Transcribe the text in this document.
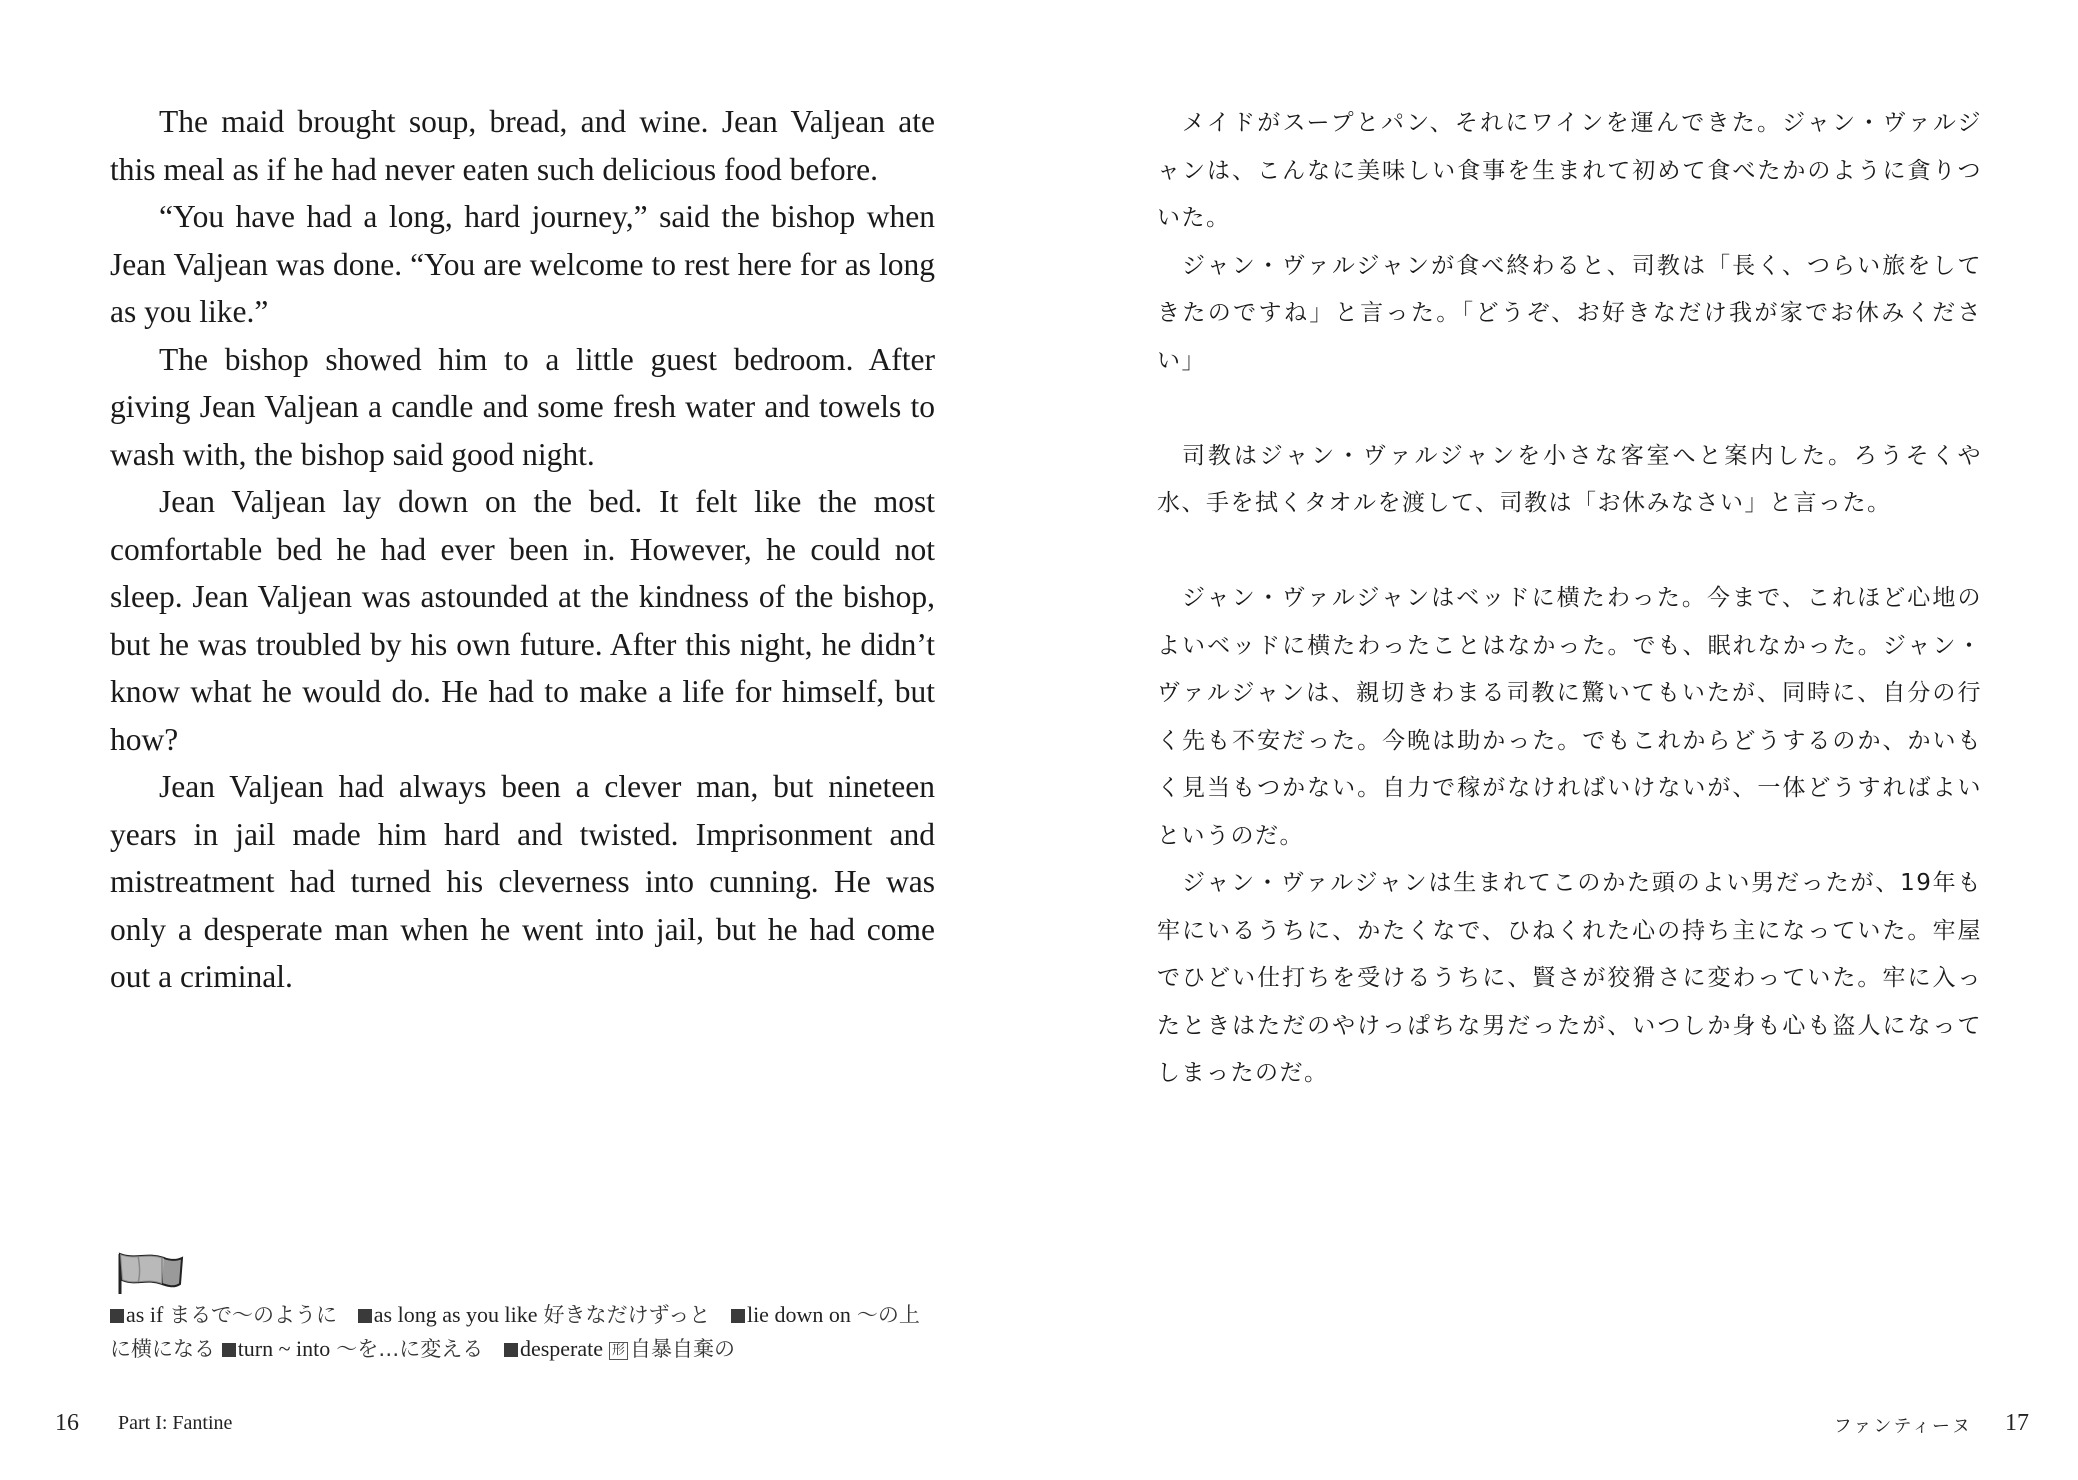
The maid brought soup, bread, and wine. Jean Valjean ate this meal as if he had never eaten such delicious food before.

“You have had a long, hard journey,” said the bishop when Jean Valjean was done. “You are welcome to rest here for as long as you like.”

The bishop showed him to a little guest bedroom. After giving Jean Valjean a candle and some fresh water and towels to wash with, the bishop said good night.

Jean Valjean lay down on the bed. It felt like the most comfortable bed he had ever been in. However, he could not sleep. Jean Valjean was astounded at the kindness of the bishop, but he was troubled by his own future. After this night, he didn’t know what he would do. He had to make a life for himself, but how?

Jean Valjean had always been a clever man, but nineteen years in jail made him hard and twisted. Imprisonment and mistreatment had turned his cleverness into cunning. He was only a desperate man when he went into jail, but he had come out a criminal.

as if まるで～のように as long as you like 好きなだけずっと lie down on ～の上に横になる turn ~ into ～を…に変える desperate 形 自暴自棄の
16 Part I: Fantine

メイドがスープとパン、それにワインを運んできた。ジャン・ヴァルジャンは、こんなに美味しい食事を生まれて初めて食べたかのように貪りついた。

ジャン・ヴァルジャンが食べ終わると、司教は「長く、つらい旅をしてきたのですね」と言った。「どうぞ、お好きなだけ我が家でお休みください」

司教はジャン・ヴァルジャンを小さな客室へと案内した。ろうそくや水、手を拭くタオルを渡して、司教は「お休みなさい」と言った。

ジャン・ヴァルジャンはベッドに横たわった。今まで、これほど心地のよいベッドに横たわったことはなかった。でも、眠れなかった。ジャン・ヴァルジャンは、親切きわまる司教に驚いてもいたが、同時に、自分の行く先も不安だった。今晩は助かった。でもこれからどうするのか、かいもく見当もつかない。自力で稼がなければいけないが、一体どうすればよいというのだ。

ジャン・ヴァルジャンは生まれてこのかた頭のよい男だったが、19年も牢にいるうちに、かたくなで、ひねくれた心の持ち主になっていた。牢屋でひどい仕打ちを受けるうちに、賢さが狡猾さに変わっていた。牢に入ったときはただのやけっぱちな男だったが、いつしか身も心も盗人になってしまったのだ。

ファンティーヌ 17
